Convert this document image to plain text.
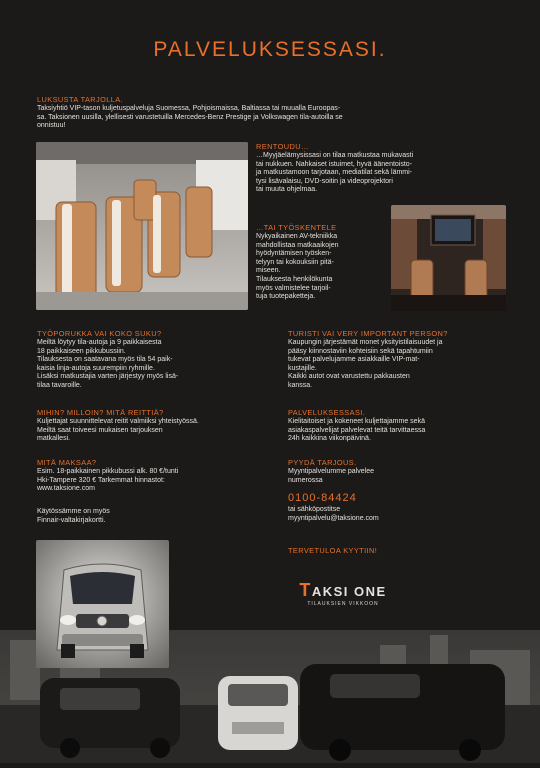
PALVELUKSESSASI.
LUKSUSTA TARJOLLA.
Taksiyhtiö VIP-tason kuljetuspalveluja Suomessa, Pohjoismaissa, Baltiassa tai muualla Euroopas-
sa. Taksionen uusilla, ylellisesti varustetuilla Mercedes-Benz Prestige ja Volkswagen tila-autoilla se
onnistuu!
RENTOUDU…
…Myyjäelämysissasi on tilaa matkustaa mukavasti
tai nukkuen. Nahkaiset istuimet, hyvä äänentoisto-
ja matkustamoon tarjotaan, mediatilat sekä lämmi-
tysi lisävalaisu, DVD-soitin ja videoprojektori
tai muuta ohjelmaa.
…TAI TYÖSKENTELE
Nykyaikainen AV-tekniikka
mahdollistaa matkaaikojen
hyödyntämisen työsken-
telyyn tai kokouksiin pitä-
miseen.
Tilauksesta henkilökunta
myös valmistelee tarjoil-
tuja tuotepaketteja.
TYÖPORUKKA VAI KOKO SUKU?
Meiltä löytyy tila-autoja ja 9 paikkaisesta
18 paikkaiseen pikkubussiin.
Tilauksesta on saatavana myös tila 54 paik-
kaisia linja-autoja suurempiin ryhmille.
Lisäksi matkustajia varten järjestyy myös lisä-
tilaa tavaroille.
MIHIN? MILLOIN? MITÄ REITTIÄ?
Kuljettajat suunnittelevat reitit valmiiksi yhteistyössä.
Meiltä saat toiveesi mukaisen tarjouksen
matkallesi.
MITÄ MAKSAA?
Esim. 18-paikkainen pikkubussi alk. 80 €/tunti
Hki-Tampere 320 € Tarkemmat hinnastot:
www.taksione.com
Käytössämme on myös
Finnair-valtakirjakortti.
TURISTI VAI VERY IMPORTANT PERSON?
Kaupungin järjestämät monet yksityistilaisuudet ja
pääsy kiinnostaviin kohteisiin sekä tapahtumiin
tukevat palvelujamme asiakkaille VIP-mat-
kustajille.
Kaikki autot ovat varustettu pakkausten
kanssa.
PALVELUKSESSASI.
Kielitaitoiset ja kokeneet kuljettajamme sekä
asiakaspalvelijat palvelevat teitä tarvittaessa
24h kaikkina viikonpäivinä.
PYYDÄ TARJOUS.
Myyntipalvelumme palvelee
numerossa
0100-84424
tai sähköpostitse
myyntipalvelu@taksione.com
TERVETULOA KYYTIIN!
TAKSI ONE
TILAUKSIEN VIKKOON
